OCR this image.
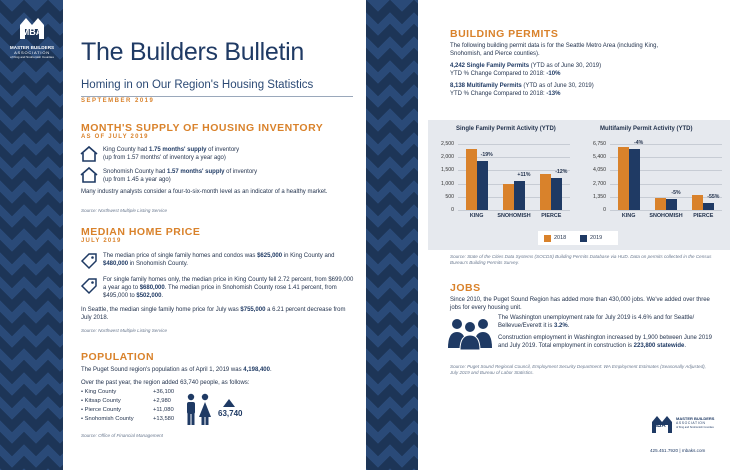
MBA
MASTER BUILDERS
ASSOCIATION
of King and Snohomish Counties The Builders Bulletin
Homing in on Our Region's Housing Statistics
SEPTEMBER 2019
MONTH'S SUPPLY OF HOUSING INVENTORY
AS OF JULY 2019
King County had 1.75 months' supply of inventory
(up from 1.57 months' of inventory a year ago)
Snohomish County had 1.57 months' supply of inventory
(up from 1.45 a year ago)
Many industry analysts consider a four-to-six-month level as an indicator of a healthy market.
Source: Northwest Multiple Listing Service
MEDIAN HOME PRICE
JULY 2019
The median price of single family homes and condos was $625,000 in King County and $480,000 in Snohomish County.
For single family homes only, the median price in King County fell 2.72 percent, from $699,000 a year ago to $680,000. The median price in Snohomish County rose 1.41 percent, from $495,000 to $502,000.
In Seattle, the median single family home price for July was $755,000 a 6.21 percent decrease from July 2018.
Source: Northwest Multiple Listing Service
POPULATION
The Puget Sound region's population as of April 1, 2019 was 4,198,400.
Over the past year, the region added 63,740 people, as follows:
• King County	+36,100
• Kitsap County	+2,980
• Pierce County	+11,080
• Snohomish County	+13,580
63,740
Source: Office of Financial Management
BUILDING PERMITS
The following building permit data is for the Seattle Metro Area (including King, Snohomish, and Pierce counties).
4,242 Single Family Permits (YTD as of June 30, 2019)
YTD % Change Compared to 2018: -10%
8,138 Multifamily Permits (YTD as of June 30, 2019)
YTD % Change Compared to 2018: -13%
Single Family Permit Activity (YTD)
2,500
2,000
1,500
1,000
500
0
-19%
KING
+11%
SNOHOMISH
-12%
PIERCE
Multifamily Permit Activity (YTD)
6,750
5,400
4,050
2,700
1,350
0
-4%
KING
-5%
SNOHOMISH
-55%
PIERCE
2018	2019
Source: State of the Cities Data Systems (SOCDS) Building Permits Database via HUD. Data on permits collected in the Census Bureau's Building Permits Survey.
JOBS
Since 2010, the Puget Sound Region has added more than 430,000 jobs. We've added over three jobs for every housing unit.
The Washington unemployment rate for July 2019 is 4.6% and for Seattle/ Bellevue/Everett it is 3.2%.
Construction employment in Washington increased by 1,900 between June 2019 and July 2019. Total employment in construction is 223,800 statewide.
Source: Puget Sound Regional Council, Employment Security Department: WA Employment Estimates (Seasonally Adjusted), July 2019 and Bureau of Labor Statistics.
MBA
MASTER BUILDERS
ASSOCIATION
of King and Snohomish Counties
425.451.7920 | mbaks.com
